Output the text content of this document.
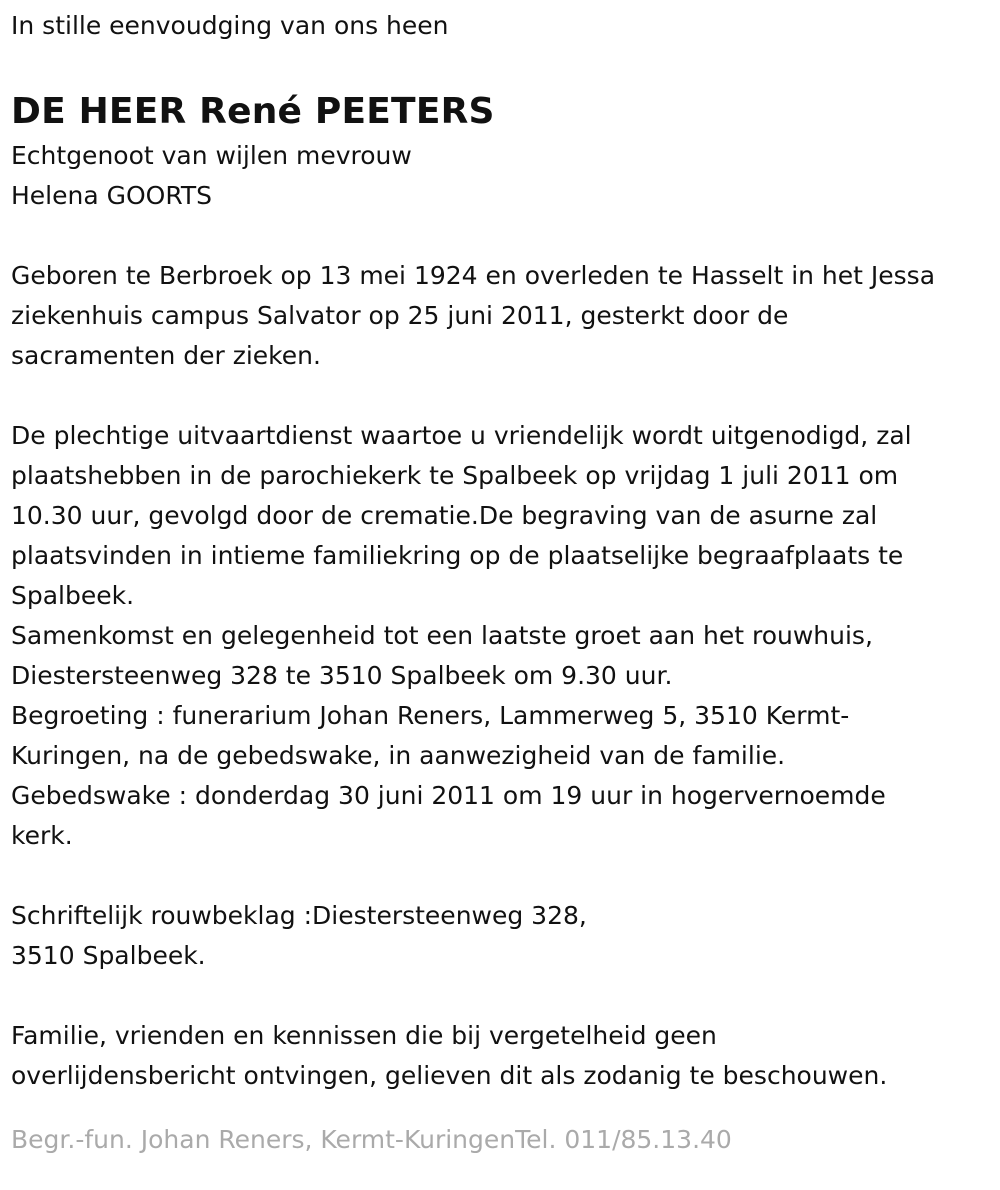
In stille eenvoudging van ons heen

DE HEER René PEETERS

Echtgenoot van wijlen mevrouw

Helena GOORTS

Geboren te Berbroek op 13 mei 1924 en overleden te Hasselt in het Jessa

ziekenhuis campus Salvator op 25 juni 2011, gesterkt door de

sacramenten der zieken.

De plechtige uitvaartdienst waartoe u vriendelijk wordt uitgenodigd, zal

plaatshebben in de parochiekerk te Spalbeek op vrijdag 1 juli 2011 om

10.30 uur, gevolgd door de crematie.De begraving van de asurne zal

plaatsvinden in intieme familiekring op de plaatselijke begraafplaats te

Spalbeek.

Samenkomst en gelegenheid tot een laatste groet aan het rouwhuis,

Diestersteenweg 328 te 3510 Spalbeek om 9.30 uur.

Begroeting : funerarium Johan Reners, Lammerweg 5, 3510 Kermt-

Kuringen, na de gebedswake, in aanwezigheid van de familie.

Gebedswake : donderdag 30 juni 2011 om 19 uur in hogervernoemde

kerk.

Schriftelijk rouwbeklag :Diestersteenweg 328,

3510 Spalbeek.

Familie, vrienden en kennissen die bij vergetelheid geen

overlijdensbericht ontvingen, gelieven dit als zodanig te beschouwen.

Begr.-fun. Johan Reners, Kermt-KuringenTel. 011/85.13.40
